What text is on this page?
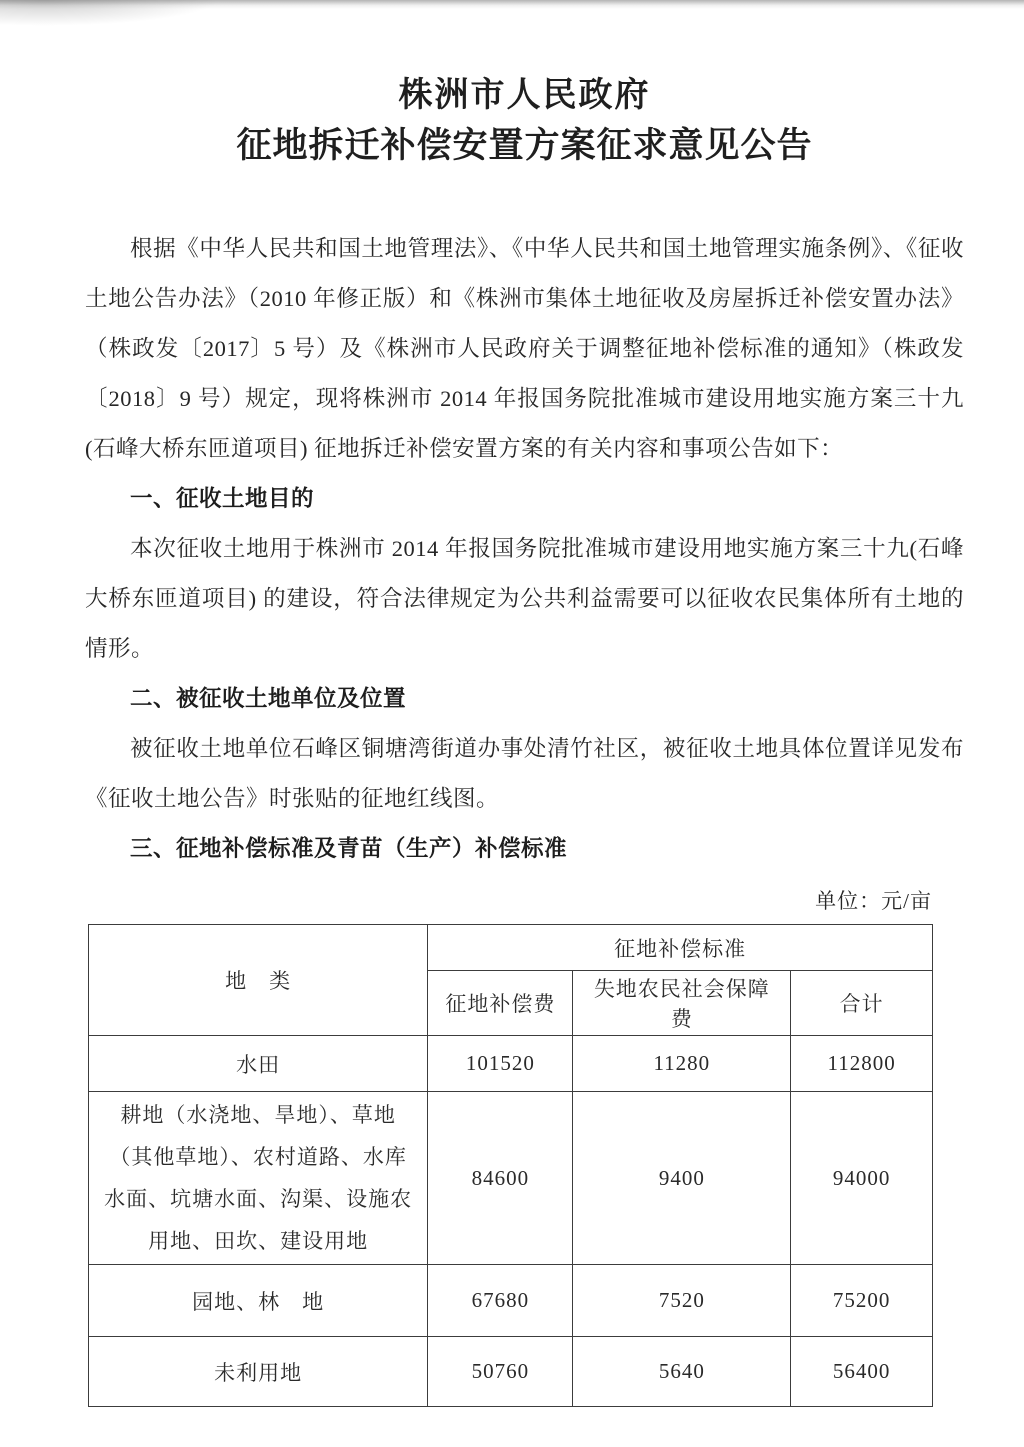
株洲市人民政府
征地拆迁补偿安置方案征求意见公告

根据《中华人民共和国土地管理法》、《中华人民共和国土地管理实施条例》、《征收土地公告办法》（2010 年修正版）和《株洲市集体土地征收及房屋拆迁补偿安置办法》（株政发〔2017〕5 号）及《株洲市人民政府关于调整征地补偿标准的通知》（株政发〔2018〕9 号）规定，现将株洲市 2014 年报国务院批准城市建设用地实施方案三十九(石峰大桥东匝道项目) 征地拆迁补偿安置方案的有关内容和事项公告如下：

一、征收土地目的

本次征收土地用于株洲市 2014 年报国务院批准城市建设用地实施方案三十九(石峰大桥东匝道项目) 的建设，符合法律规定为公共利益需要可以征收农民集体所有土地的情形。

二、被征收土地单位及位置

被征收土地单位石峰区铜塘湾街道办事处清竹社区，被征收土地具体位置详见发布《征收土地公告》时张贴的征地红线图。

三、征地补偿标准及青苗（生产）补偿标准

单位：元/亩

地　类	征地补偿标准		
	征地补偿费	失地农民社会保障费	合计
水田	101520	11280	112800
耕地（水浇地、旱地）、草地（其他草地）、农村道路、水库水面、坑塘水面、沟渠、设施农用地、田坎、建设用地	84600	9400	94000
园地、林　地	67680	7520	75200
未利用地	50760	5640	56400
